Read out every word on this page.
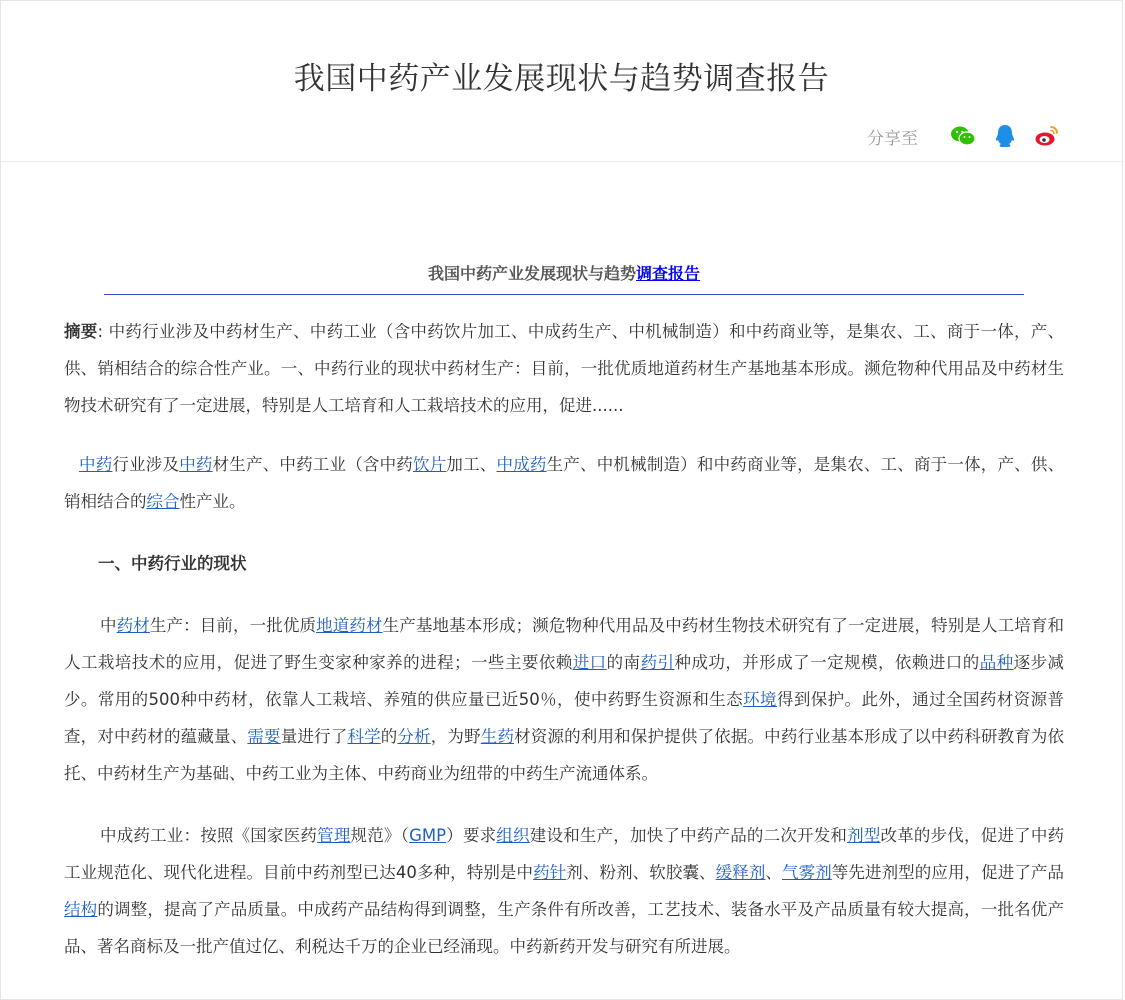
我国中药产业发展现状与趋势调查报告
分享至
我国中药产业发展现状与趋势调查报告

摘要: 中药行业涉及中药材生产、中药工业（含中药饮片加工、中成药生产、中机械制造）和中药商业等，是集农、工、商于一体，产、供、销相结合的综合性产业。一、中药行业的现状中药材生产：目前，一批优质地道药材生产基地基本形成。濒危物种代用品及中药材生物技术研究有了一定进展，特别是人工培育和人工栽培技术的应用，促进......

中药行业涉及中药材生产、中药工业（含中药饮片加工、中成药生产、中机械制造）和中药商业等，是集农、工、商于一体，产、供、销相结合的综合性产业。

一、中药行业的现状

中药材生产：目前，一批优质地道药材生产基地基本形成；濒危物种代用品及中药材生物技术研究有了一定进展，特别是人工培育和人工栽培技术的应用，促进了野生变家种家养的进程；一些主要依赖进口的南药引种成功，并形成了一定规模，依赖进口的品种逐步减少。常用的500种中药材，依靠人工栽培、养殖的供应量已近50％，使中药野生资源和生态环境得到保护。此外，通过全国药材资源普查，对中药材的蕴藏量、需要量进行了科学的分析，为野生药材资源的利用和保护提供了依据。中药行业基本形成了以中药科研教育为依托、中药材生产为基础、中药工业为主体、中药商业为纽带的中药生产流通体系。

中成药工业：按照《国家医药管理规范》（GMP）要求组织建设和生产，加快了中药产品的二次开发和剂型改革的步伐，促进了中药工业规范化、现代化进程。目前中药剂型已达40多种，特别是中药针剂、粉剂、软胶囊、缓释剂、气雾剂等先进剂型的应用，促进了产品结构的调整，提高了产品质量。中成药产品结构得到调整，生产条件有所改善，工艺技术、装备水平及产品质量有较大提高，一批名优产品、著名商标及一批产值过亿、利税达千万的企业已经涌现。中药新药开发与研究有所进展。
